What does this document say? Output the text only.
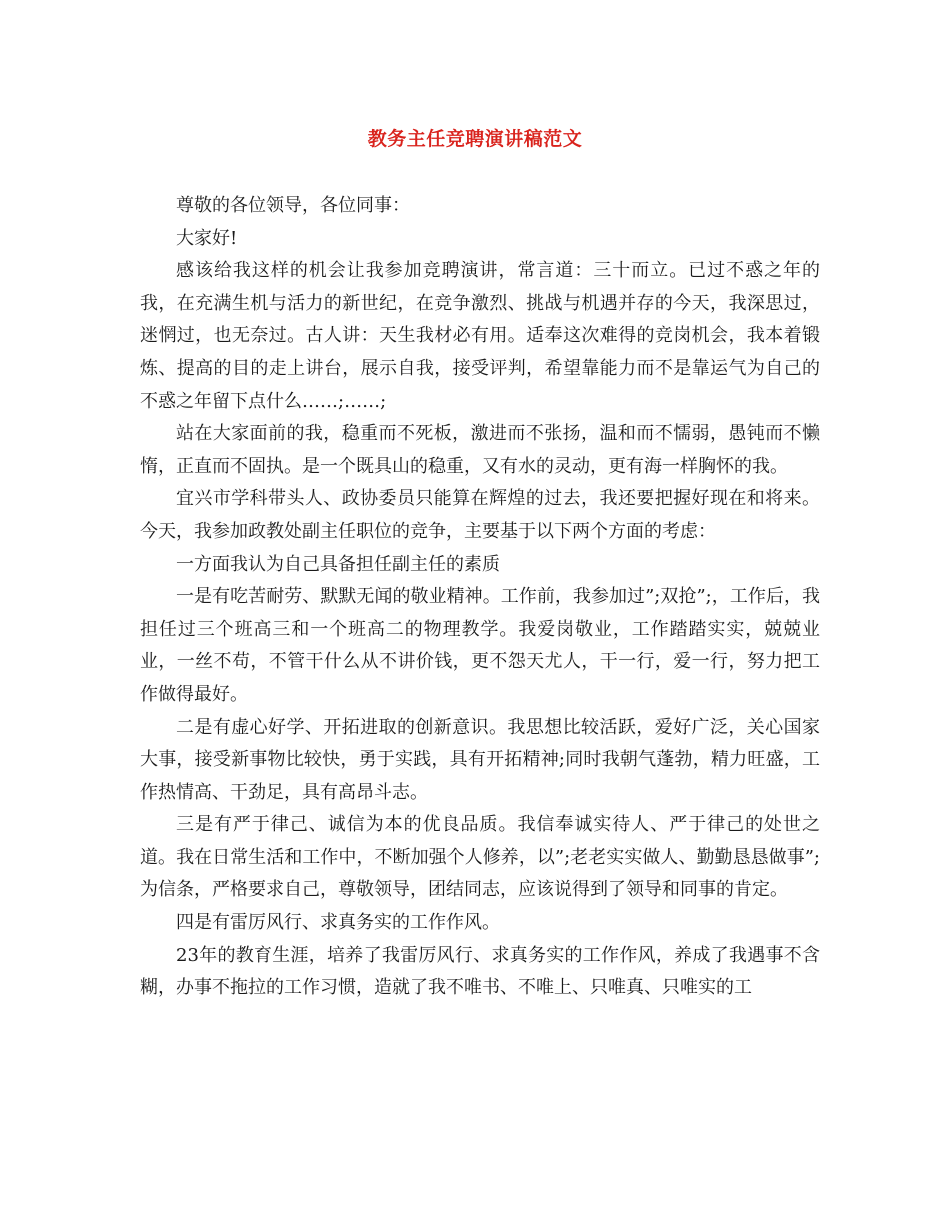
教务主任竞聘演讲稿范文

尊敬的各位领导，各位同事：

大家好!

感该给我这样的机会让我参加竞聘演讲，常言道：三十而立。已过不惑之年的我，在充满生机与活力的新世纪，在竞争激烈、挑战与机遇并存的今天，我深思过，迷惘过，也无奈过。古人讲：天生我材必有用。适奉这次难得的竞岗机会，我本着锻炼、提高的目的走上讲台，展示自我，接受评判，希望靠能力而不是靠运气为自己的不惑之年留下点什么……;……;

站在大家面前的我，稳重而不死板，激进而不张扬，温和而不懦弱，愚钝而不懒惰，正直而不固执。是一个既具山的稳重，又有水的灵动，更有海一样胸怀的我。

宜兴市学科带头人、政协委员只能算在辉煌的过去，我还要把握好现在和将来。今天，我参加政教处副主任职位的竞争，主要基于以下两个方面的考虑：

一方面我认为自己具备担任副主任的素质

一是有吃苦耐劳、默默无闻的敬业精神。工作前，我参加过”;双抢”;，工作后，我担任过三个班高三和一个班高二的物理教学。我爱岗敬业，工作踏踏实实，兢兢业业，一丝不苟，不管干什么从不讲价钱，更不怨天尤人，干一行，爱一行，努力把工作做得最好。

二是有虚心好学、开拓进取的创新意识。我思想比较活跃，爱好广泛，关心国家大事，接受新事物比较快，勇于实践，具有开拓精神;同时我朝气蓬勃，精力旺盛，工作热情高、干劲足，具有高昂斗志。

三是有严于律己、诚信为本的优良品质。我信奉诚实待人、严于律己的处世之道。我在日常生活和工作中，不断加强个人修养，以”;老老实实做人、勤勤恳恳做事”;为信条，严格要求自己，尊敬领导，团结同志，应该说得到了领导和同事的肯定。

四是有雷厉风行、求真务实的工作作风。

23年的教育生涯，培养了我雷厉风行、求真务实的工作作风，养成了我遇事不含糊，办事不拖拉的工作习惯，造就了我不唯书、不唯上、只唯真、只唯实的工
